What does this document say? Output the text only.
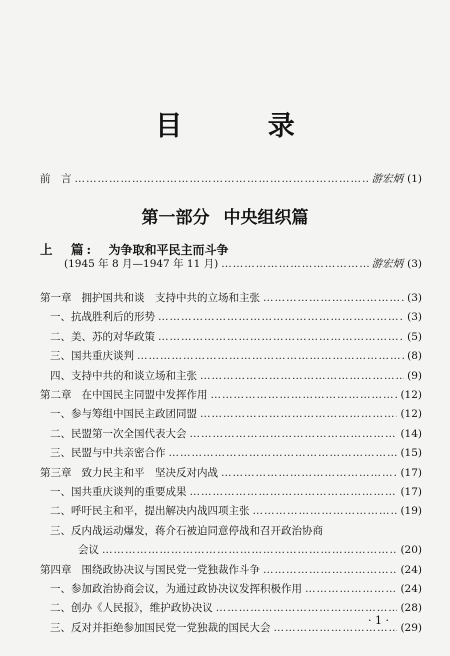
目 录
前　言 ……………………………………………………………………………………………………………………………………………………………………	游宏炳 (1)
第一部分 中央组织篇
上　篇: 为争取和平民主而斗争
(1945 年 8 月—1947 年 11 月) ……………………………………………………………………………………………………………………………………………………………………	游宏炳 (3)
第一章 拥护国共和谈　支持中共的立场和主张 ……………………………………………………………………………………………………………………………………………………………………	(3)
一、 抗战胜利后的形势 ……………………………………………………………………………………………………………………………………………………………………	(3)
二、 美、苏的对华政策 ……………………………………………………………………………………………………………………………………………………………………	(5)
三、 国共重庆谈判 ……………………………………………………………………………………………………………………………………………………………………	(8)
四、 支持中共的和谈立场和主张 ……………………………………………………………………………………………………………………………………………………………………	(9)
第二章 在中国民主同盟中发挥作用 ……………………………………………………………………………………………………………………………………………………………………	(12)
一、 参与筹组中国民主政团同盟 ……………………………………………………………………………………………………………………………………………………………………	(12)
二、 民盟第一次全国代表大会 ……………………………………………………………………………………………………………………………………………………………………	(14)
三、 民盟与中共亲密合作 ……………………………………………………………………………………………………………………………………………………………………	(15)
第三章 致力民主和平　坚决反对内战 ……………………………………………………………………………………………………………………………………………………………………	(17)
一、 国共重庆谈判的重要成果 ……………………………………………………………………………………………………………………………………………………………………	(17)
二、 呼吁民主和平，提出解决内战四项主张 ……………………………………………………………………………………………………………………………………………………………………	(19)
三、 反内战运动爆发，蒋介石被迫同意停战和召开政治协商
会议 ……………………………………………………………………………………………………………………………………………………………………	(20)
第四章 围绕政协决议与国民党一党独裁作斗争 ……………………………………………………………………………………………………………………………………………………………………	(24)
一、 参加政治协商会议，为通过政协决议发挥积极作用 ……………………………………………………………………………………………………………………………………………………………………	(24)
二、 创办《人民报》，维护政协决议 ……………………………………………………………………………………………………………………………………………………………………	(28)
三、 反对并拒绝参加国民党一党独裁的国民大会 ……………………………………………………………………………………………………………………………………………………………………	(29)
· 1 ·
